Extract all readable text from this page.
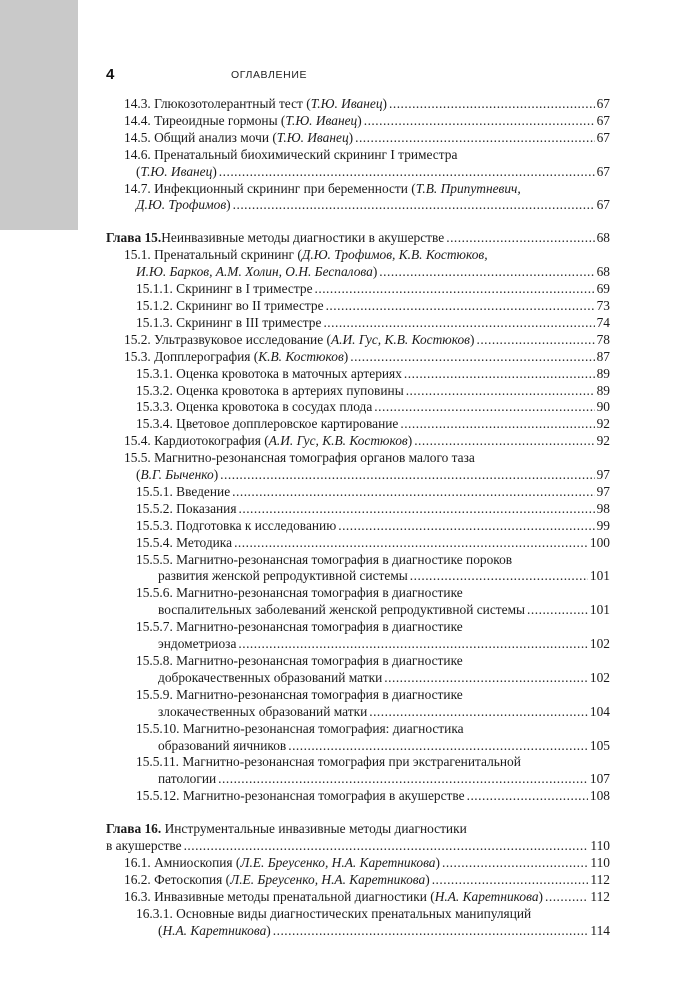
4	ОГЛАВЛЕНИЕ
14.3. Глюкозотолерантный тест ( Т.Ю. Иванец ) .....	67
14.4. Тиреоидные гормоны ( Т.Ю. Иванец ) .....	67
14.5. Общий анализ мочи ( Т.Ю. Иванец ) .....	67
14.6. Пренатальный биохимический скрининг I триместра
( Т.Ю. Иванец ) .....	67
14.7. Инфекционный скрининг при беременности (Т.В. Припутневич,
Д.Ю. Трофимов ) .....	67
Глава 15. Неинвазивные методы диагностики в акушерстве .....	68
15.1. Пренатальный скрининг (Д.Ю. Трофимов, К.В. Костюков,
И.Ю. Барков, А.М. Холин, О.Н. Беспалова ) .....	68
15.1.1. Скрининг в I триместре .....	69
15.1.2. Скрининг во II триместре .....	73
15.1.3. Скрининг в III триместре .....	74
15.2. Ультразвуковое исследование ( А.И. Гус, К.В. Костюков ) .....	78
15.3. Допплерография ( К.В. Костюков ) .....	87
15.3.1. Оценка кровотока в маточных артериях .....	89
15.3.2. Оценка кровотока в артериях пуповины .....	89
15.3.3. Оценка кровотока в сосудах плода .....	90
15.3.4. Цветовое допплеровское картирование .....	92
15.4. Кардиотокография ( А.И. Гус, К.В. Костюков ) .....	92
15.5. Магнитно-резонансная томография органов малого таза
( В.Г. Быченко ) .....	97
15.5.1. Введение .....	97
15.5.2. Показания .....	98
15.5.3. Подготовка к исследованию .....	99
15.5.4. Методика .....	100
15.5.5. Магнитно-резонансная томография в диагностике пороков
развития женской репродуктивной системы .....	101
15.5.6. Магнитно-резонансная томография в диагностике
воспалительных заболеваний женской репродуктивной системы .....	101
15.5.7. Магнитно-резонансная томография в диагностике
эндометриоза .....	102
15.5.8. Магнитно-резонансная томография в диагностике
доброкачественных образований матки .....	102
15.5.9. Магнитно-резонансная томография в диагностике
злокачественных образований матки .....	104
15.5.10. Магнитно-резонансная томография: диагностика
образований яичников .....	105
15.5.11. Магнитно-резонансная томография при экстрагенитальной
патологии .....	107
15.5.12. Магнитно-резонансная томография в акушерстве .....	108
Глава 16. Инструментальные инвазивные методы диагностики
в акушерстве .....	110
16.1. Амниоскопия ( Л.Е. Бреусенко, Н.А. Каретникова ) .....	110
16.2. Фетоскопия ( Л.Е. Бреусенко, Н.А. Каретникова ) .....	112
16.3. Инвазивные методы пренатальной диагностики ( Н.А. Каретникова ) .....	112
16.3.1. Основные виды диагностических пренатальных манипуляций
( Н.А. Каретникова ) .....	114
